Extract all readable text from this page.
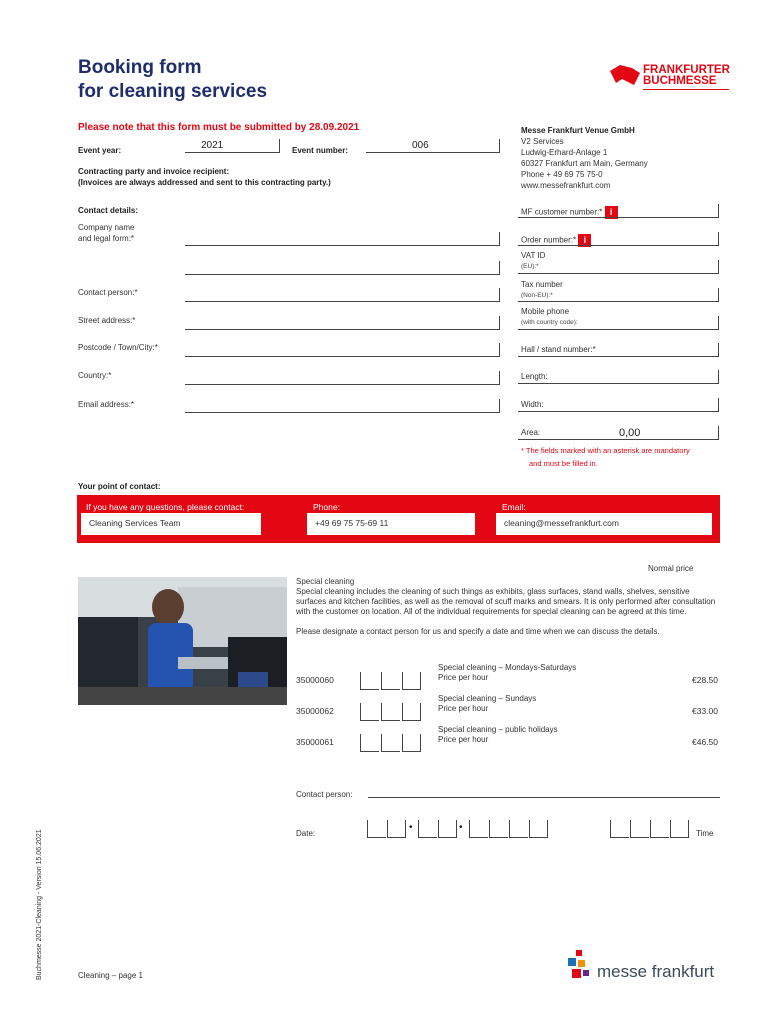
Booking form
for cleaning services
FRANKFURTER
BUCHMESSE
Please note that this form must be submitted by 28.09.2021
Event year:	2021	Event number:	006
Contracting party and invoice recipient:
(Invoices are always addressed and sent to this contracting party.)
Messe Frankfurt Venue GmbH
V2 Services
Ludwig-Erhard-Anlage 1
60327 Frankfurt am Main, Germany
Phone + 49 69 75 75-0
www.messefrankfurt.com
Contact details:
Company name
and legal form:*
Contact person:*
Street address:*
Postcode / Town/City:*
Country:*
Email address:*
MF customer number:* i
Order number:* i
VAT ID
(EU):*
Tax number
(Non-EU):*
Mobile phone
(with country code):
Hall / stand number:*
Length:
Width:
Area:	0,00
* The fields marked with an asterisk are mandatory
and must be filled in.
Your point of contact:
If you have any questions, please contact:
Cleaning Services Team
Phone:
+49 69 75 75-69 11
Email:
cleaning@messefrankfurt.com
Normal price
Special cleaning
Special cleaning includes the cleaning of such things as exhibits, glass surfaces, stand walls, shelves, sensitive surfaces and kitchen facilities, as well as the removal of scuff marks and smears. It is only performed after consultation with the customer on location. All of the individual requirements for special cleaning can be agreed at this time.
Please designate a contact person for us and specify a date and time when we can discuss the details.
35000060
Special cleaning – Mondays-Saturdays
Price per hour	€28.50
35000062
Special cleaning – Sundays
Price per hour	€33.00
35000061
Special cleaning – public holidays
Price per hour	€46.50
Contact person:
Date:
•	•
Time
Buchmesse 2021-Cleaning - Version 15.06.2021	Cleaning – page 1	messe frankfurt
